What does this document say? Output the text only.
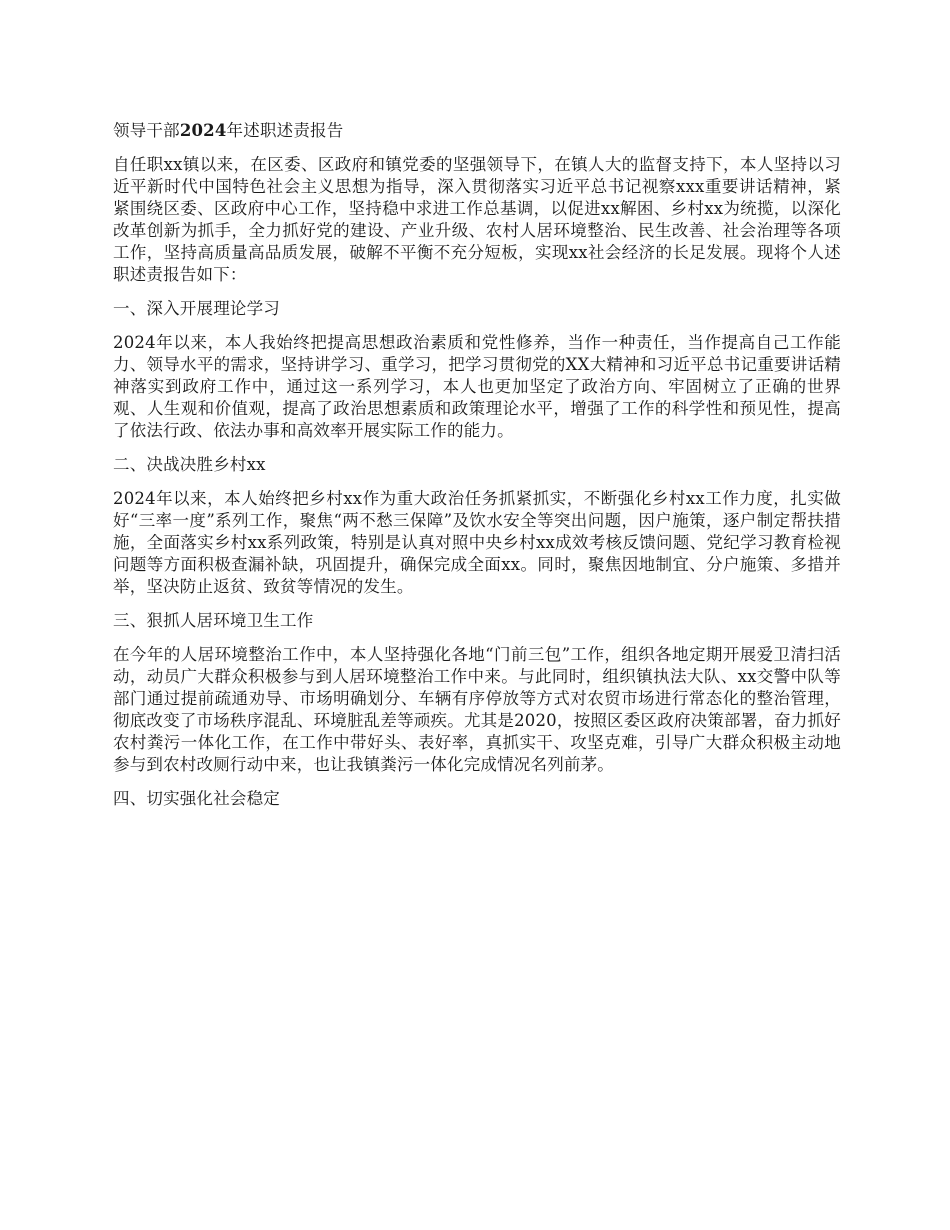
领导干部2024年述职述责报告

自任职xx镇以来，在区委、区政府和镇党委的坚强领导下，在镇人大的监督支持下，本人坚持以习近平新时代中国特色社会主义思想为指导，深入贯彻落实习近平总书记视察xxx重要讲话精神，紧紧围绕区委、区政府中心工作，坚持稳中求进工作总基调，以促进xx解困、乡村xx为统揽，以深化改革创新为抓手，全力抓好党的建设、产业升级、农村人居环境整治、民生改善、社会治理等各项工作，坚持高质量高品质发展，破解不平衡不充分短板，实现xx社会经济的长足发展。现将个人述职述责报告如下：

一、深入开展理论学习

2024年以来，本人我始终把提高思想政治素质和党性修养，当作一种责任，当作提高自己工作能力、领导水平的需求，坚持讲学习、重学习，把学习贯彻党的XX大精神和习近平总书记重要讲话精神落实到政府工作中，通过这一系列学习，本人也更加坚定了政治方向、牢固树立了正确的世界观、人生观和价值观，提高了政治思想素质和政策理论水平，增强了工作的科学性和预见性，提高了依法行政、依法办事和高效率开展实际工作的能力。

二、决战决胜乡村xx

2024年以来，本人始终把乡村xx作为重大政治任务抓紧抓实，不断强化乡村xx工作力度，扎实做好“三率一度”系列工作，聚焦“两不愁三保障”及饮水安全等突出问题，因户施策，逐户制定帮扶措施，全面落实乡村xx系列政策，特别是认真对照中央乡村xx成效考核反馈问题、党纪学习教育检视问题等方面积极查漏补缺，巩固提升，确保完成全面xx。同时，聚焦因地制宜、分户施策、多措并举，坚决防止返贫、致贫等情况的发生。

三、狠抓人居环境卫生工作

在今年的人居环境整治工作中，本人坚持强化各地“门前三包”工作，组织各地定期开展爱卫清扫活动，动员广大群众积极参与到人居环境整治工作中来。与此同时，组织镇执法大队、xx交警中队等部门通过提前疏通劝导、市场明确划分、车辆有序停放等方式对农贸市场进行常态化的整治管理，彻底改变了市场秩序混乱、环境脏乱差等顽疾。尤其是2020，按照区委区政府决策部署，奋力抓好农村粪污一体化工作，在工作中带好头、表好率，真抓实干、攻坚克难，引导广大群众积极主动地参与到农村改厕行动中来，也让我镇粪污一体化完成情况名列前茅。

四、切实强化社会稳定
